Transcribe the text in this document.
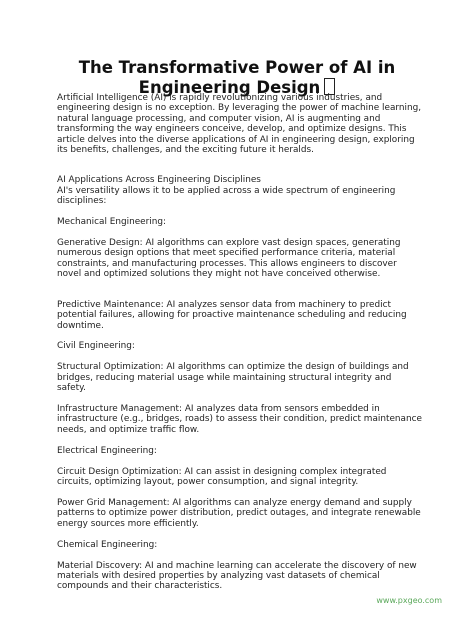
The Transformative Power of AI in Engineering Design

Artificial Intelligence (AI) is rapidly revolutionizing various industries, and engineering design is no exception. By leveraging the power of machine learning, natural language processing, and computer vision, AI is augmenting and transforming the way engineers conceive, develop, and optimize designs. This article delves into the diverse applications of AI in engineering design, exploring its benefits, challenges, and the exciting future it heralds.

AI Applications Across Engineering Disciplines

AI's versatility allows it to be applied across a wide spectrum of engineering disciplines:

Mechanical Engineering:

Generative Design: AI algorithms can explore vast design spaces, generating numerous design options that meet specified performance criteria, material constraints, and manufacturing processes. This allows engineers to discover novel and optimized solutions they might not have conceived otherwise.

Predictive Maintenance: AI analyzes sensor data from machinery to predict potential failures, allowing for proactive maintenance scheduling and reducing downtime.

Civil Engineering:

Structural Optimization: AI algorithms can optimize the design of buildings and bridges, reducing material usage while maintaining structural integrity and safety.

Infrastructure Management: AI analyzes data from sensors embedded in infrastructure (e.g., bridges, roads) to assess their condition, predict maintenance needs, and optimize traffic flow.

Electrical Engineering:

Circuit Design Optimization: AI can assist in designing complex integrated circuits, optimizing layout, power consumption, and signal integrity.

Power Grid Management: AI algorithms can analyze energy demand and supply patterns to optimize power distribution, predict outages, and integrate renewable energy sources more efficiently.

Chemical Engineering:

Material Discovery: AI and machine learning can accelerate the discovery of new materials with desired properties by analyzing vast datasets of chemical compounds and their characteristics.

www.pxgeo.com
